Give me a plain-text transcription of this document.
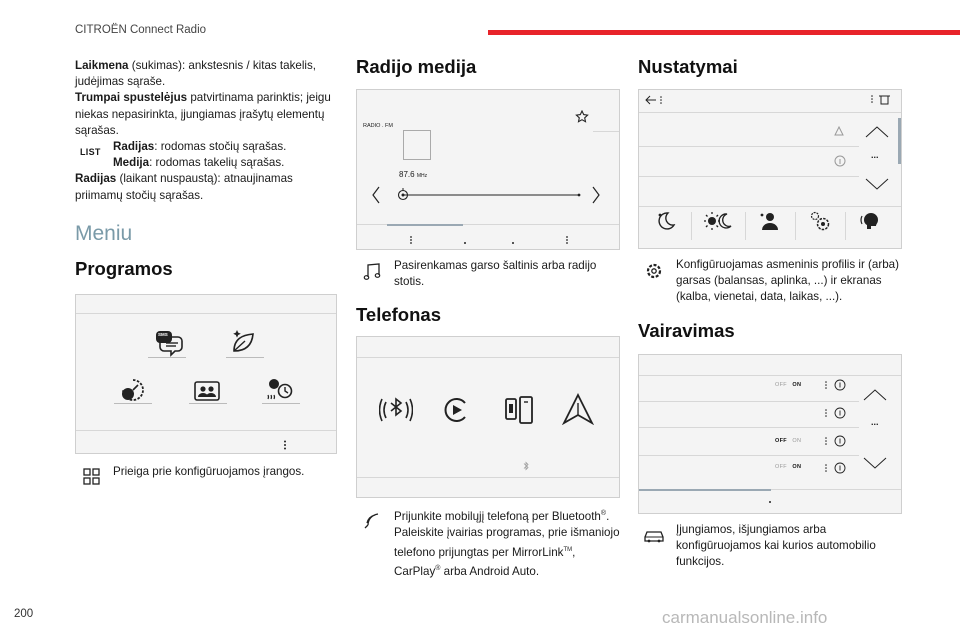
CITROËN Connect Radio

Laikmena (sukimas): ankstesnis / kitas takelis, judėjimas sąraše.
Trumpai spustelėjus patvirtinama parinktis; jeigu niekas nepasirinkta, įjungiamas įrašytų elementų sąrašas.

LIST Radijas: rodomas stočių sąrašas.
Medija: rodomas takelių sąrašas.

Radijas (laikant nuspaustą): atnaujinamas priimamų stočių sąrašas.

Meniu
Programos
SMS
Prieiga prie konfigūruojamos įrangos.
Radijo medija
RADIO . FM
87.6 MHz
Pasirenkamas garso šaltinis arba radijo stotis.
Telefonas
Prijunkite mobilųjį telefoną per Bluetooth®. Paleiskite įvairias programas, prie išmaniojo telefono prijungtas per MirrorLink™, CarPlay® arba Android Auto.
Nustatymai
...
Konfigūruojamas asmeninis profilis ir (arba) garsas (balansas, aplinka, ...) ir ekranas (kalba, vienetai, data, laikas, ...).
Vairavimas
OFF ON
OFF ON
OFF ON
...
Įjungiamos, išjungiamos arba konfigūruojamos kai kurios automobilio funkcijos.
200	carmanualsonline.info
